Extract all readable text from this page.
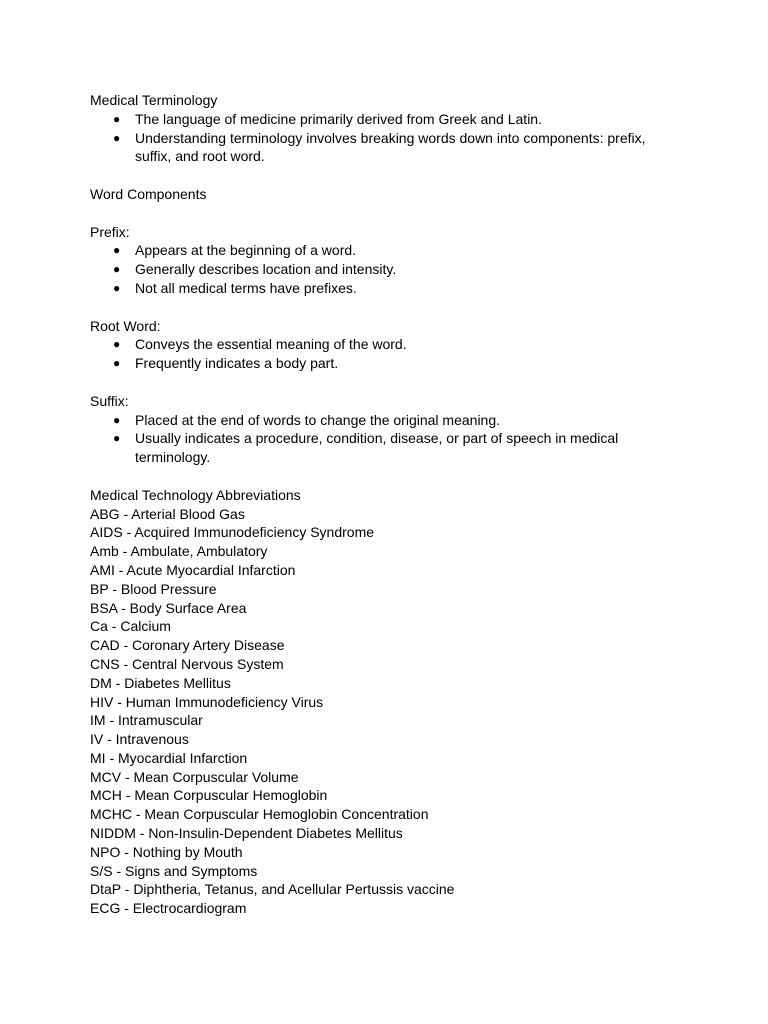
Medical Terminology
● The language of medicine primarily derived from Greek and Latin.
● Understanding terminology involves breaking words down into components: prefix, suffix, and root word.
Word Components
Prefix:
● Appears at the beginning of a word.
● Generally describes location and intensity.
● Not all medical terms have prefixes.
Root Word:
● Conveys the essential meaning of the word.
● Frequently indicates a body part.
Suffix:
● Placed at the end of words to change the original meaning.
● Usually indicates a procedure, condition, disease, or part of speech in medical terminology.
Medical Technology Abbreviations
ABG - Arterial Blood Gas
AIDS - Acquired Immunodeficiency Syndrome
Amb - Ambulate, Ambulatory
AMI - Acute Myocardial Infarction
BP - Blood Pressure
BSA - Body Surface Area
Ca - Calcium
CAD - Coronary Artery Disease
CNS - Central Nervous System
DM - Diabetes Mellitus
HIV - Human Immunodeficiency Virus
IM - Intramuscular
IV - Intravenous
MI - Myocardial Infarction
MCV - Mean Corpuscular Volume
MCH - Mean Corpuscular Hemoglobin
MCHC - Mean Corpuscular Hemoglobin Concentration
NIDDM - Non-Insulin-Dependent Diabetes Mellitus
NPO - Nothing by Mouth
S/S - Signs and Symptoms
DtaP - Diphtheria, Tetanus, and Acellular Pertussis vaccine
ECG - Electrocardiogram
